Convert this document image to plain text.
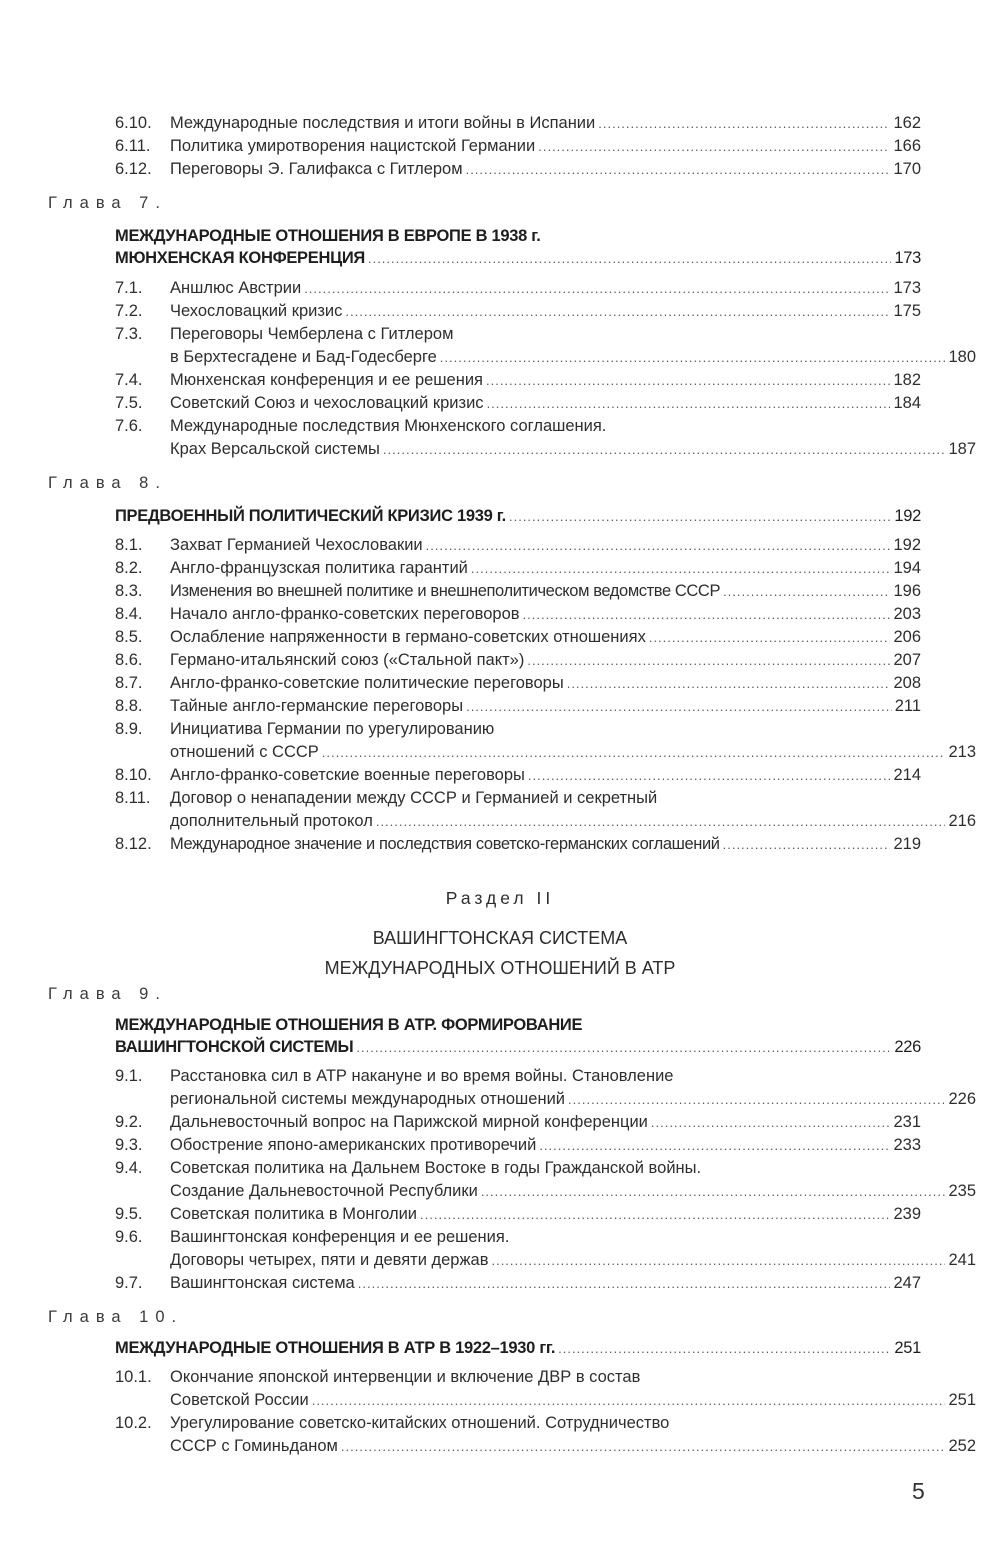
6.10.	Международные последствия и итоги войны в Испании .....	162
6.11.	Политика умиротворения нацистской Германии .....	166
6.12.	Переговоры Э. Галифакса с Гитлером .....	170
Глава 7.
МЕЖДУНАРОДНЫЕ ОТНОШЕНИЯ В ЕВРОПЕ В 1938 г.
МЮНХЕНСКАЯ КОНФЕРЕНЦИЯ .....	173
7.1.	Аншлюс Австрии .....	173
7.2.	Чехословацкий кризис .....	175
7.3.	Переговоры Чемберлена с Гитлером
в Берхтесгадене и Бад-Годесберге .....	180
7.4.	Мюнхенская конференция и ее решения .....	182
7.5.	Советский Союз и чехословацкий кризис .....	184
7.6.	Международные последствия Мюнхенского соглашения.
Крах Версальской системы .....	187
Глава 8.
ПРЕДВОЕННЫЙ ПОЛИТИЧЕСКИЙ КРИЗИС 1939 г. .....	192
8.1.	Захват Германией Чехословакии .....	192
8.2.	Англо-французская политика гарантий .....	194
8.3.	Изменения во внешней политике и внешнеполитическом ведомстве СССР .....	196
8.4.	Начало англо-франко-советских переговоров .....	203
8.5.	Ослабление напряженности в германо-советских отношениях .....	206
8.6.	Германо-итальянский союз («Стальной пакт») .....	207
8.7.	Англо-франко-советские политические переговоры .....	208
8.8.	Тайные англо-германские переговоры .....	211
8.9.	Инициатива Германии по урегулированию
отношений с СССР .....	213
8.10.	Англо-франко-советские военные переговоры .....	214
8.11.	Договор о ненападении между СССР и Германией и секретный
дополнительный протокол .....	216
8.12.	Международное значение и последствия советско-германских соглашений .....	219
Раздел II
ВАШИНГТОНСКАЯ СИСТЕМА
МЕЖДУНАРОДНЫХ ОТНОШЕНИЙ В АТР
Глава 9.
МЕЖДУНАРОДНЫЕ ОТНОШЕНИЯ В АТР. ФОРМИРОВАНИЕ
ВАШИНГТОНСКОЙ СИСТЕМЫ .....	226
9.1.	Расстановка сил в АТР накануне и во время войны. Становление
региональной системы международных отношений .....	226
9.2.	Дальневосточный вопрос на Парижской мирной конференции .....	231
9.3.	Обострение японо-американских противоречий .....	233
9.4.	Советская политика на Дальнем Востоке в годы Гражданской войны.
Создание Дальневосточной Республики .....	235
9.5.	Советская политика в Монголии .....	239
9.6.	Вашингтонская конференция и ее решения.
Договоры четырех, пяти и девяти держав .....	241
9.7.	Вашингтонская система .....	247
Глава 10.
МЕЖДУНАРОДНЫЕ ОТНОШЕНИЯ В АТР В 1922–1930 гг. .....	251
10.1.	Окончание японской интервенции и включение ДВР в состав
Советской России .....	251
10.2.	Урегулирование советско-китайских отношений. Сотрудничество
СССР с Гоминьданом .....	252
5
